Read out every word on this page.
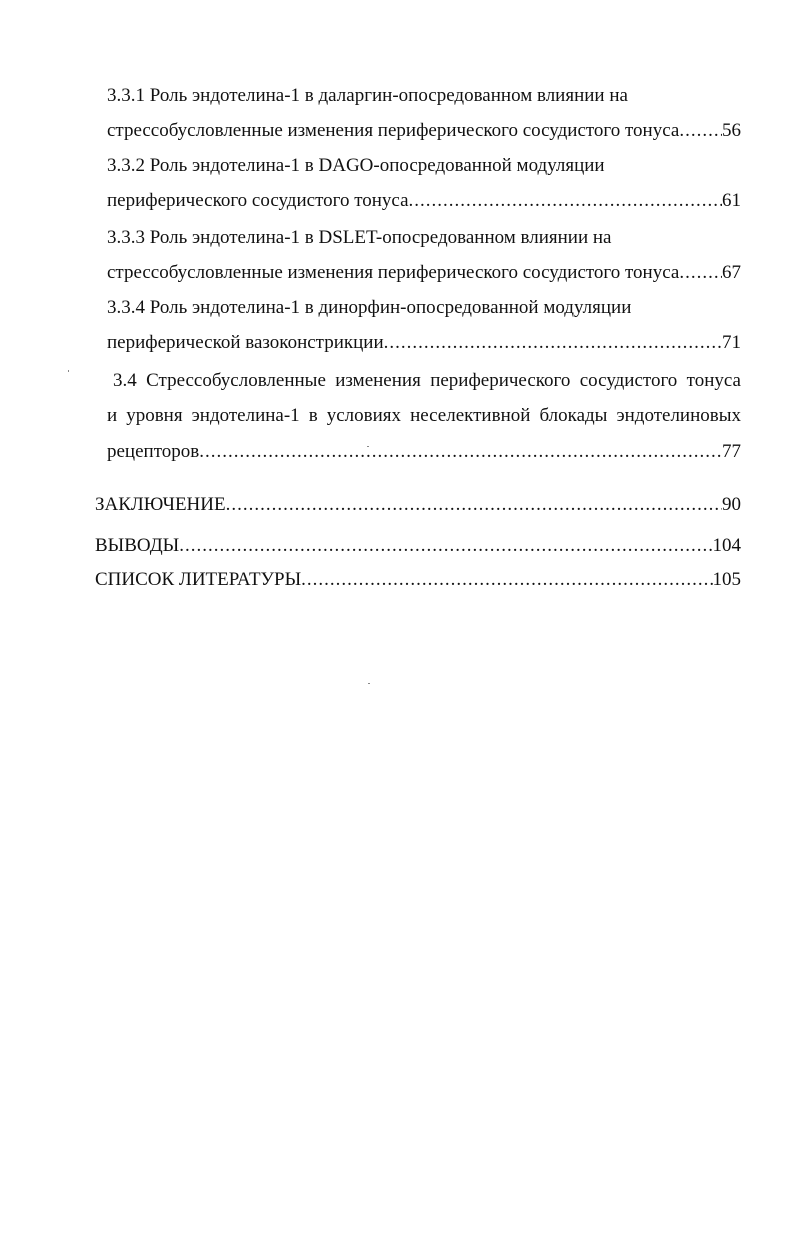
3.3.1 Роль эндотелина-1 в даларгин-опосредованном влиянии на
стрессобусловленные изменения периферического сосудистого тонуса ..... 56
3.3.2 Роль эндотелина-1 в DAGO-опосредованной модуляции
периферического сосудистого тонуса .....	61
3.3.3 Роль эндотелина-1 в DSLET-опосредованном влиянии на
стрессобусловленные изменения периферического сосудистого тонуса ..... 67
3.3.4 Роль эндотелина-1 в динорфин-опосредованной модуляции
периферической вазоконстрикции .....	71
3.4 Стрессобусловленные изменения периферического сосудистого тонуса
и уровня эндотелина-1 в условиях неселективной блокады эндотелиновых
рецепторов .....	77
ЗАКЛЮЧЕНИЕ .....	90
ВЫВОДЫ .....	104
СПИСОК ЛИТЕРАТУРЫ .....	105
